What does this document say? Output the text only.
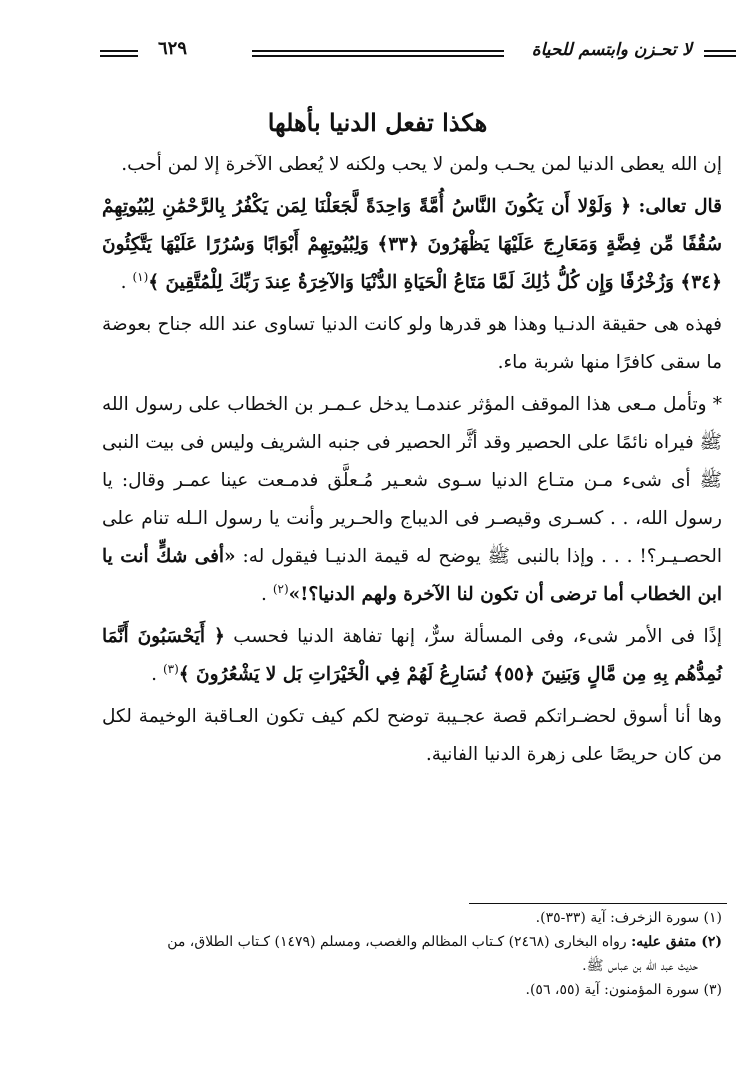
لا تحـزن وابتسم للحياة
٦٢٩
هكذا تفعل الدنيا بأهلها

إن الله يعطى الدنيا لمن يحـب ولمن لا يحب ولكنه لا يُعطى الآخرة إلا لمن أحب.

قال تعالى: ﴿ وَلَوْلا أَن يَكُونَ النَّاسُ أُمَّةً وَاحِدَةً لَّجَعَلْنَا لِمَن يَكْفُرُ بِالرَّحْمَٰنِ لِبُيُوتِهِمْ سُقُفًا مِّن فِضَّةٍ وَمَعَارِجَ عَلَيْهَا يَظْهَرُونَ ﴿٣٣﴾ وَلِبُيُوتِهِمْ أَبْوَابًا وَسُرُرًا عَلَيْهَا يَتَّكِئُونَ ﴿٣٤﴾ وَزُخْرُفًا وَإِن كُلُّ ذَٰلِكَ لَمَّا مَتَاعُ الْحَيَاةِ الدُّنْيَا وَالآخِرَةُ عِندَ رَبِّكَ لِلْمُتَّقِينَ ﴾$^{(١)}$ .

فهذه هى حقيقة الدنـيا وهذا هو قدرها ولو كانت الدنيا تساوى عند الله جناح بعوضة ما سقى كافرًا منها شربة ماء.

* وتأمل مـعى هذا الموقف المؤثر عندمـا يدخل عـمـر بن الخطاب على رسول الله ﷺ فيراه نائمًا على الحصير وقد أثَّر الحصير فى جنبه الشريف وليس فى بيت النبى ﷺ أى شىء مـن متـاع الدنيا سـوى شعـير مُـعلَّق فدمـعت عينا عمـر وقال: يا رسول الله، . . كسـرى وقيصـر فى الديباج والحـرير وأنت يا رسول الـله تنام على الحصـيـر؟! . . . وإذا بالنبى ﷺ يوضح له قيمة الدنيـا فيقول له: «أفى شكٍّ أنت يا ابن الخطاب أما ترضى أن تكون لنا الآخرة ولهم الدنيا؟!»$^{(٢)}$ .

إذًا فى الأمر شىء، وفى المسألة سرٌّ، إنها تفاهة الدنيا فحسب ﴿ أَيَحْسَبُونَ أَنَّمَا نُمِدُّهُم بِهِ مِن مَّالٍ وَبَنِينَ ﴿٥٥﴾ نُسَارِعُ لَهُمْ فِي الْخَيْرَاتِ بَل لا يَشْعُرُونَ ﴾$^{(٣)}$ .

وها أنا أسوق لحضـراتكم قصة عجـيبة توضح لكم كيف تكون العـاقبة الوخيمة لكل من كان حريصًا على زهرة الدنيا الفانية.

(١) سورة الزخرف: آية (٣٣-٣٥).

(٢) متفق عليه: رواه البخارى (٢٤٦٨) كـتاب المظالم والغصب، ومسلم (١٤٧٩) كـتاب الطلاق، من

حديث عبد الله بن عباس ﷺ.

(٣) سورة المؤمنون: آية (٥٥، ٥٦).
